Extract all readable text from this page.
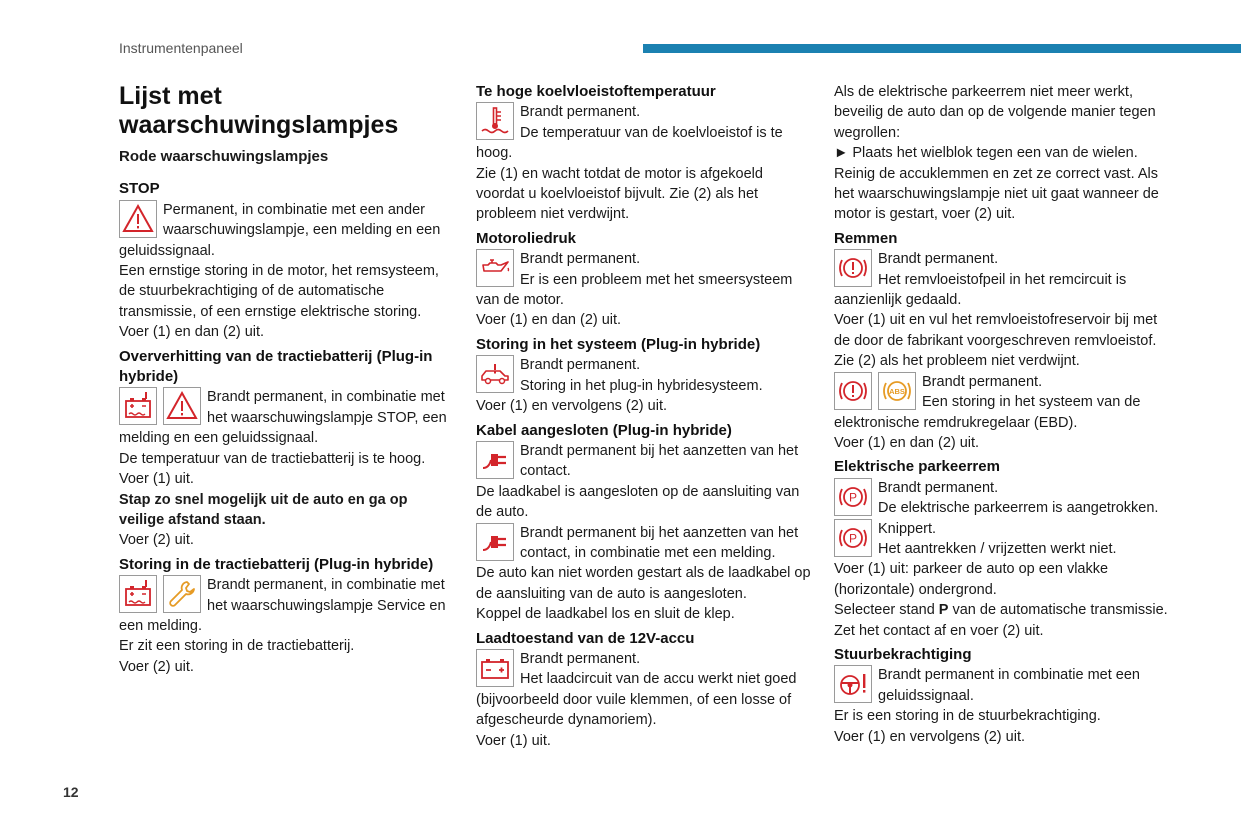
Instrumentenpaneel
12
Lijst met waarschuwingslampjes
Rode waarschuwingslampjes
STOP

Permanent, in combinatie met een ander waarschuwingslampje, een melding en een geluidssignaal.

Een ernstige storing in de motor, het remsysteem, de stuurbekrachtiging of de automatische transmissie, of een ernstige elektrische storing.

Voer (1) en dan (2) uit.

Oververhitting van de tractiebatterij (Plug-in hybride)

Brandt permanent, in combinatie met het waarschuwingslampje STOP, een melding en een geluidssignaal.

De temperatuur van de tractiebatterij is te hoog.

Voer (1) uit.

Stap zo snel mogelijk uit de auto en ga op veilige afstand staan.

Voer (2) uit.

Storing in de tractiebatterij (Plug-in hybride)

Brandt permanent, in combinatie met het waarschuwingslampje Service en een melding.

Er zit een storing in de tractiebatterij.

Voer (2) uit.

Te hoge koelvloeistoftemperatuur

Brandt permanent.

De temperatuur van de koelvloeistof is te hoog.

Zie (1) en wacht totdat de motor is afgekoeld voordat u koelvloeistof bijvult. Zie (2) als het probleem niet verdwijnt.

Motoroliedruk

Brandt permanent.

Er is een probleem met het smeersysteem van de motor.

Voer (1) en dan (2) uit.

Storing in het systeem (Plug-in hybride)

Brandt permanent.

Storing in het plug-in hybridesysteem.

Voer (1) en vervolgens (2) uit.

Kabel aangesloten (Plug-in hybride)

Brandt permanent bij het aanzetten van het contact.

De laadkabel is aangesloten op de aansluiting van de auto.

Brandt permanent bij het aanzetten van het contact, in combinatie met een melding.

De auto kan niet worden gestart als de laadkabel op de aansluiting van de auto is aangesloten.

Koppel de laadkabel los en sluit de klep.

Laadtoestand van de 12V-accu

Brandt permanent.

Het laadcircuit van de accu werkt niet goed (bijvoorbeeld door vuile klemmen, of een losse of afgescheurde dynamoriem).

Voer (1) uit.

Als de elektrische parkeerrem niet meer werkt, beveilig de auto dan op de volgende manier tegen wegrollen:

► Plaats het wielblok tegen een van de wielen.

Reinig de accuklemmen en zet ze correct vast. Als het waarschuwingslampje niet uit gaat wanneer de motor is gestart, voer (2) uit.

Remmen

Brandt permanent.

Het remvloeistofpeil in het remcircuit is aanzienlijk gedaald.

Voer (1) uit en vul het remvloeistofreservoir bij met de door de fabrikant voorgeschreven remvloeistof. Zie (2) als het probleem niet verdwijnt.

ABS

Brandt permanent.

Een storing in het systeem van de elektronische remdrukregelaar (EBD).

Voer (1) en dan (2) uit.

Elektrische parkeerrem
P

Brandt permanent.

De elektrische parkeerrem is aangetrokken.

P

Knippert.

Het aantrekken / vrijzetten werkt niet.

Voer (1) uit: parkeer de auto op een vlakke (horizontale) ondergrond.

Selecteer stand P van de automatische transmissie.

Zet het contact af en voer (2) uit.

Stuurbekrachtiging

Brandt permanent in combinatie met een geluidssignaal.

Er is een storing in de stuurbekrachtiging.

Voer (1) en vervolgens (2) uit.
